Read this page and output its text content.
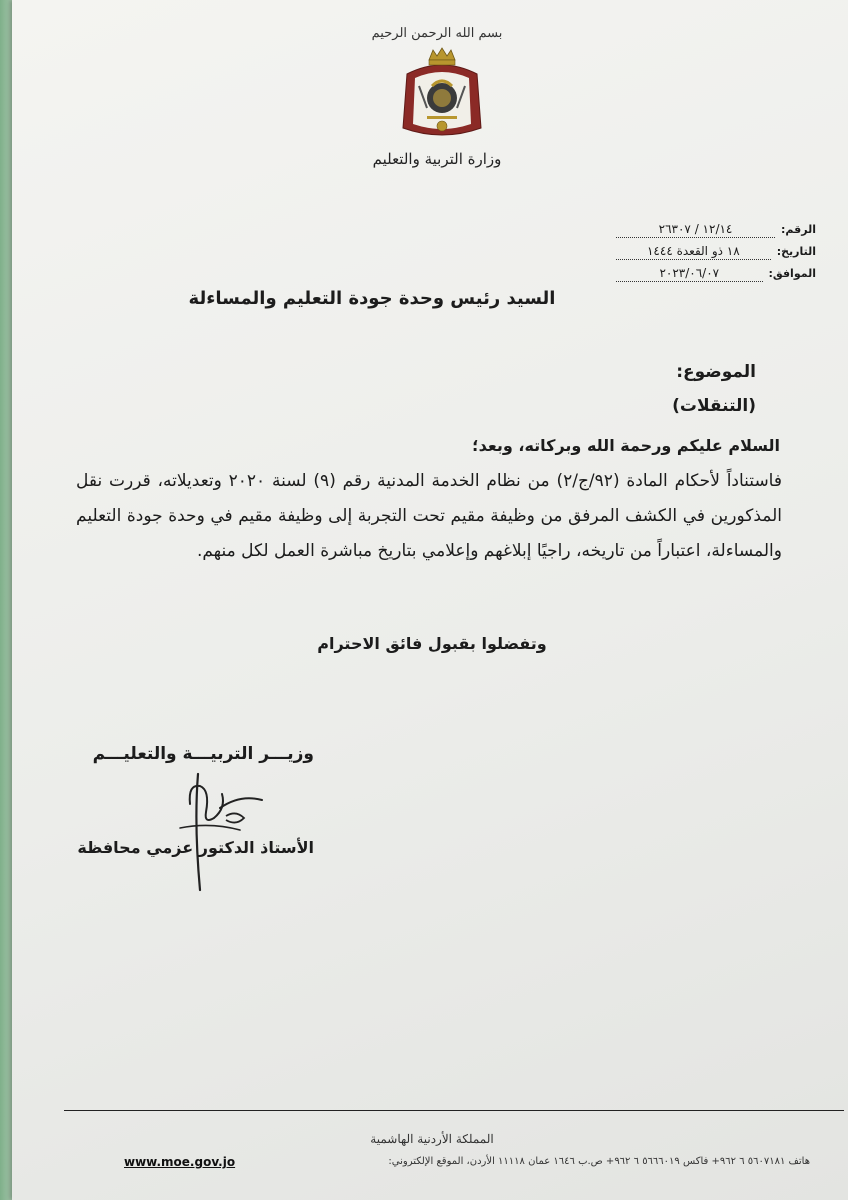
بسم الله الرحمن الرحيم
وزارة التربية والتعليم
الرقم:
١٢/١٤ / ٢٦٣٠٧
التاريخ:
١٨ ذو القعدة ١٤٤٤
الموافق:
٢٠٢٣/٠٦/٠٧
السيد رئيس وحدة جودة التعليم والمساءلة
الموضوع:
(التنقلات)
السلام عليكم ورحمة الله وبركاته، وبعد؛
فاستناداً لأحكام المادة (٩٢/ج/٢) من نظام الخدمة المدنية رقم (٩) لسنة ٢٠٢٠ وتعديلاته، قررت نقل المذكورين في الكشف المرفق من وظيفة مقيم تحت التجربة إلى وظيفة مقيم في وحدة جودة التعليم والمساءلة، اعتباراً من تاريخه، راجيًا إبلاغهم وإعلامي بتاريخ مباشرة العمل لكل منهم.
وتفضلوا بقبول فائق الاحترام
وزيـــر التربيـــة والتعليـــم
الأستاذ الدكتور عزمي محافظة
المملكة الأردنية الهاشمية
هاتف ٥٦٠٧١٨١ ٦ ٩٦٢+ فاكس ٥٦٦٦٠١٩ ٦ ٩٦٢+ ص.ب ١٦٤٦ عمان ١١١١٨ الأردن، الموقع الإلكتروني:
www.moe.gov.jo
